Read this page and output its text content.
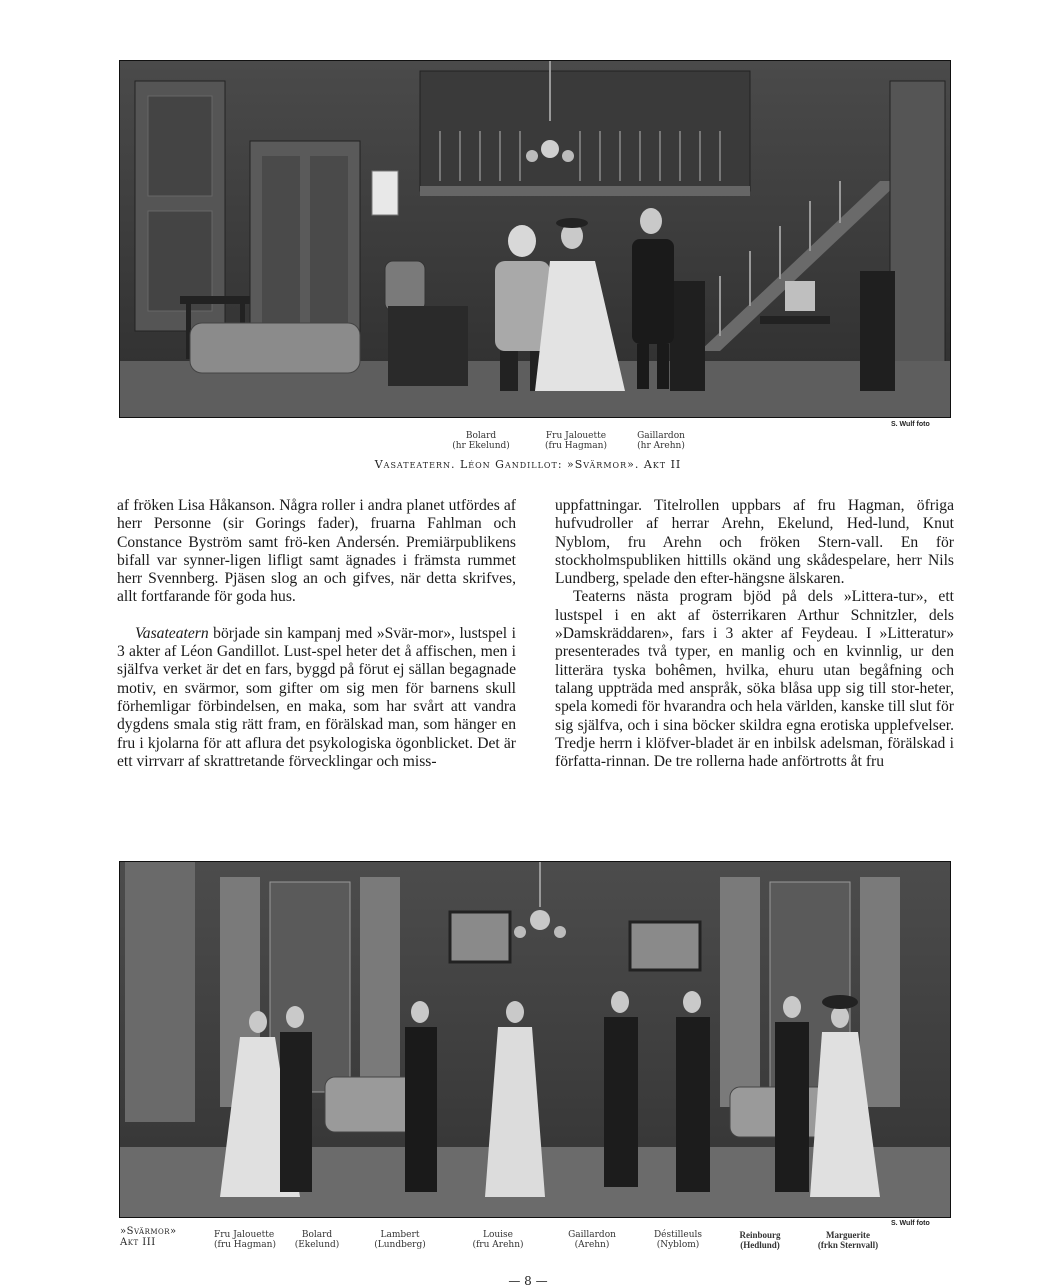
S. Wulf foto
Bolard
(hr Ekelund)
Fru Jalouette
(fru Hagman)
Gaillardon
(hr Arehn)
Vasateatern. Léon Gandillot: »Svärmor». Akt II

af fröken Lisa Håkanson. Några roller i andra planet utfördes af herr Personne (sir Gorings fader), fruarna Fahlman och Constance Byström samt frö-ken Andersén. Premiärpublikens bifall var synner-ligen lifligt samt ägnades i främsta rummet herr Svennberg. Pjäsen slog an och gifves, när detta skrifves, allt fortfarande för goda hus.

Vasateatern började sin kampanj med »Svär-mor», lustspel i 3 akter af Léon Gandillot. Lust-spel heter det å affischen, men i själfva verket är det en fars, byggd på förut ej sällan begagnade motiv, en svärmor, som gifter om sig men för barnens skull förhemligar förbindelsen, en maka, som har svårt att vandra dygdens smala stig rätt fram, en förälskad man, som hänger en fru i kjolarna för att aflura det psykologiska ögonblicket. Det är ett virrvarr af skrattretande förvecklingar och miss-

uppfattningar. Titelrollen uppbars af fru Hagman, öfriga hufvudroller af herrar Arehn, Ekelund, Hed-lund, Knut Nyblom, fru Arehn och fröken Stern-vall. En för stockholmspubliken hittills okänd ung skådespelare, herr Nils Lundberg, spelade den efter-hängsne älskaren.

Teaterns nästa program bjöd på dels »Littera-tur», ett lustspel i en akt af österrikaren Arthur Schnitzler, dels »Damskräddaren», fars i 3 akter af Feydeau. I »Litteratur» presenterades två typer, en manlig och en kvinnlig, ur den litterära tyska bohêmen, hvilka, ehuru utan begåfning och talang uppträda med anspråk, söka blåsa upp sig till stor-heter, spela komedi för hvarandra och hela världen, kanske till slut för sig själfva, och i sina böcker skildra egna erotiska upplefvelser. Tredje herrn i klöfver-bladet är en inbilsk adelsman, förälskad i författa-rinnan. De tre rollerna hade anförtrotts åt fru

S. Wulf foto
»Svärmor»
Akt III
Fru Jalouette
(fru Hagman)
Bolard
(Ekelund)
Lambert
(Lundberg)
Louise
(fru Arehn)
Gaillardon
(Arehn)
Déstilleuls
(Nyblom)
Reinbourg
(Hedlund)
Marguerite
(frkn Sternvall)
— 8 —
